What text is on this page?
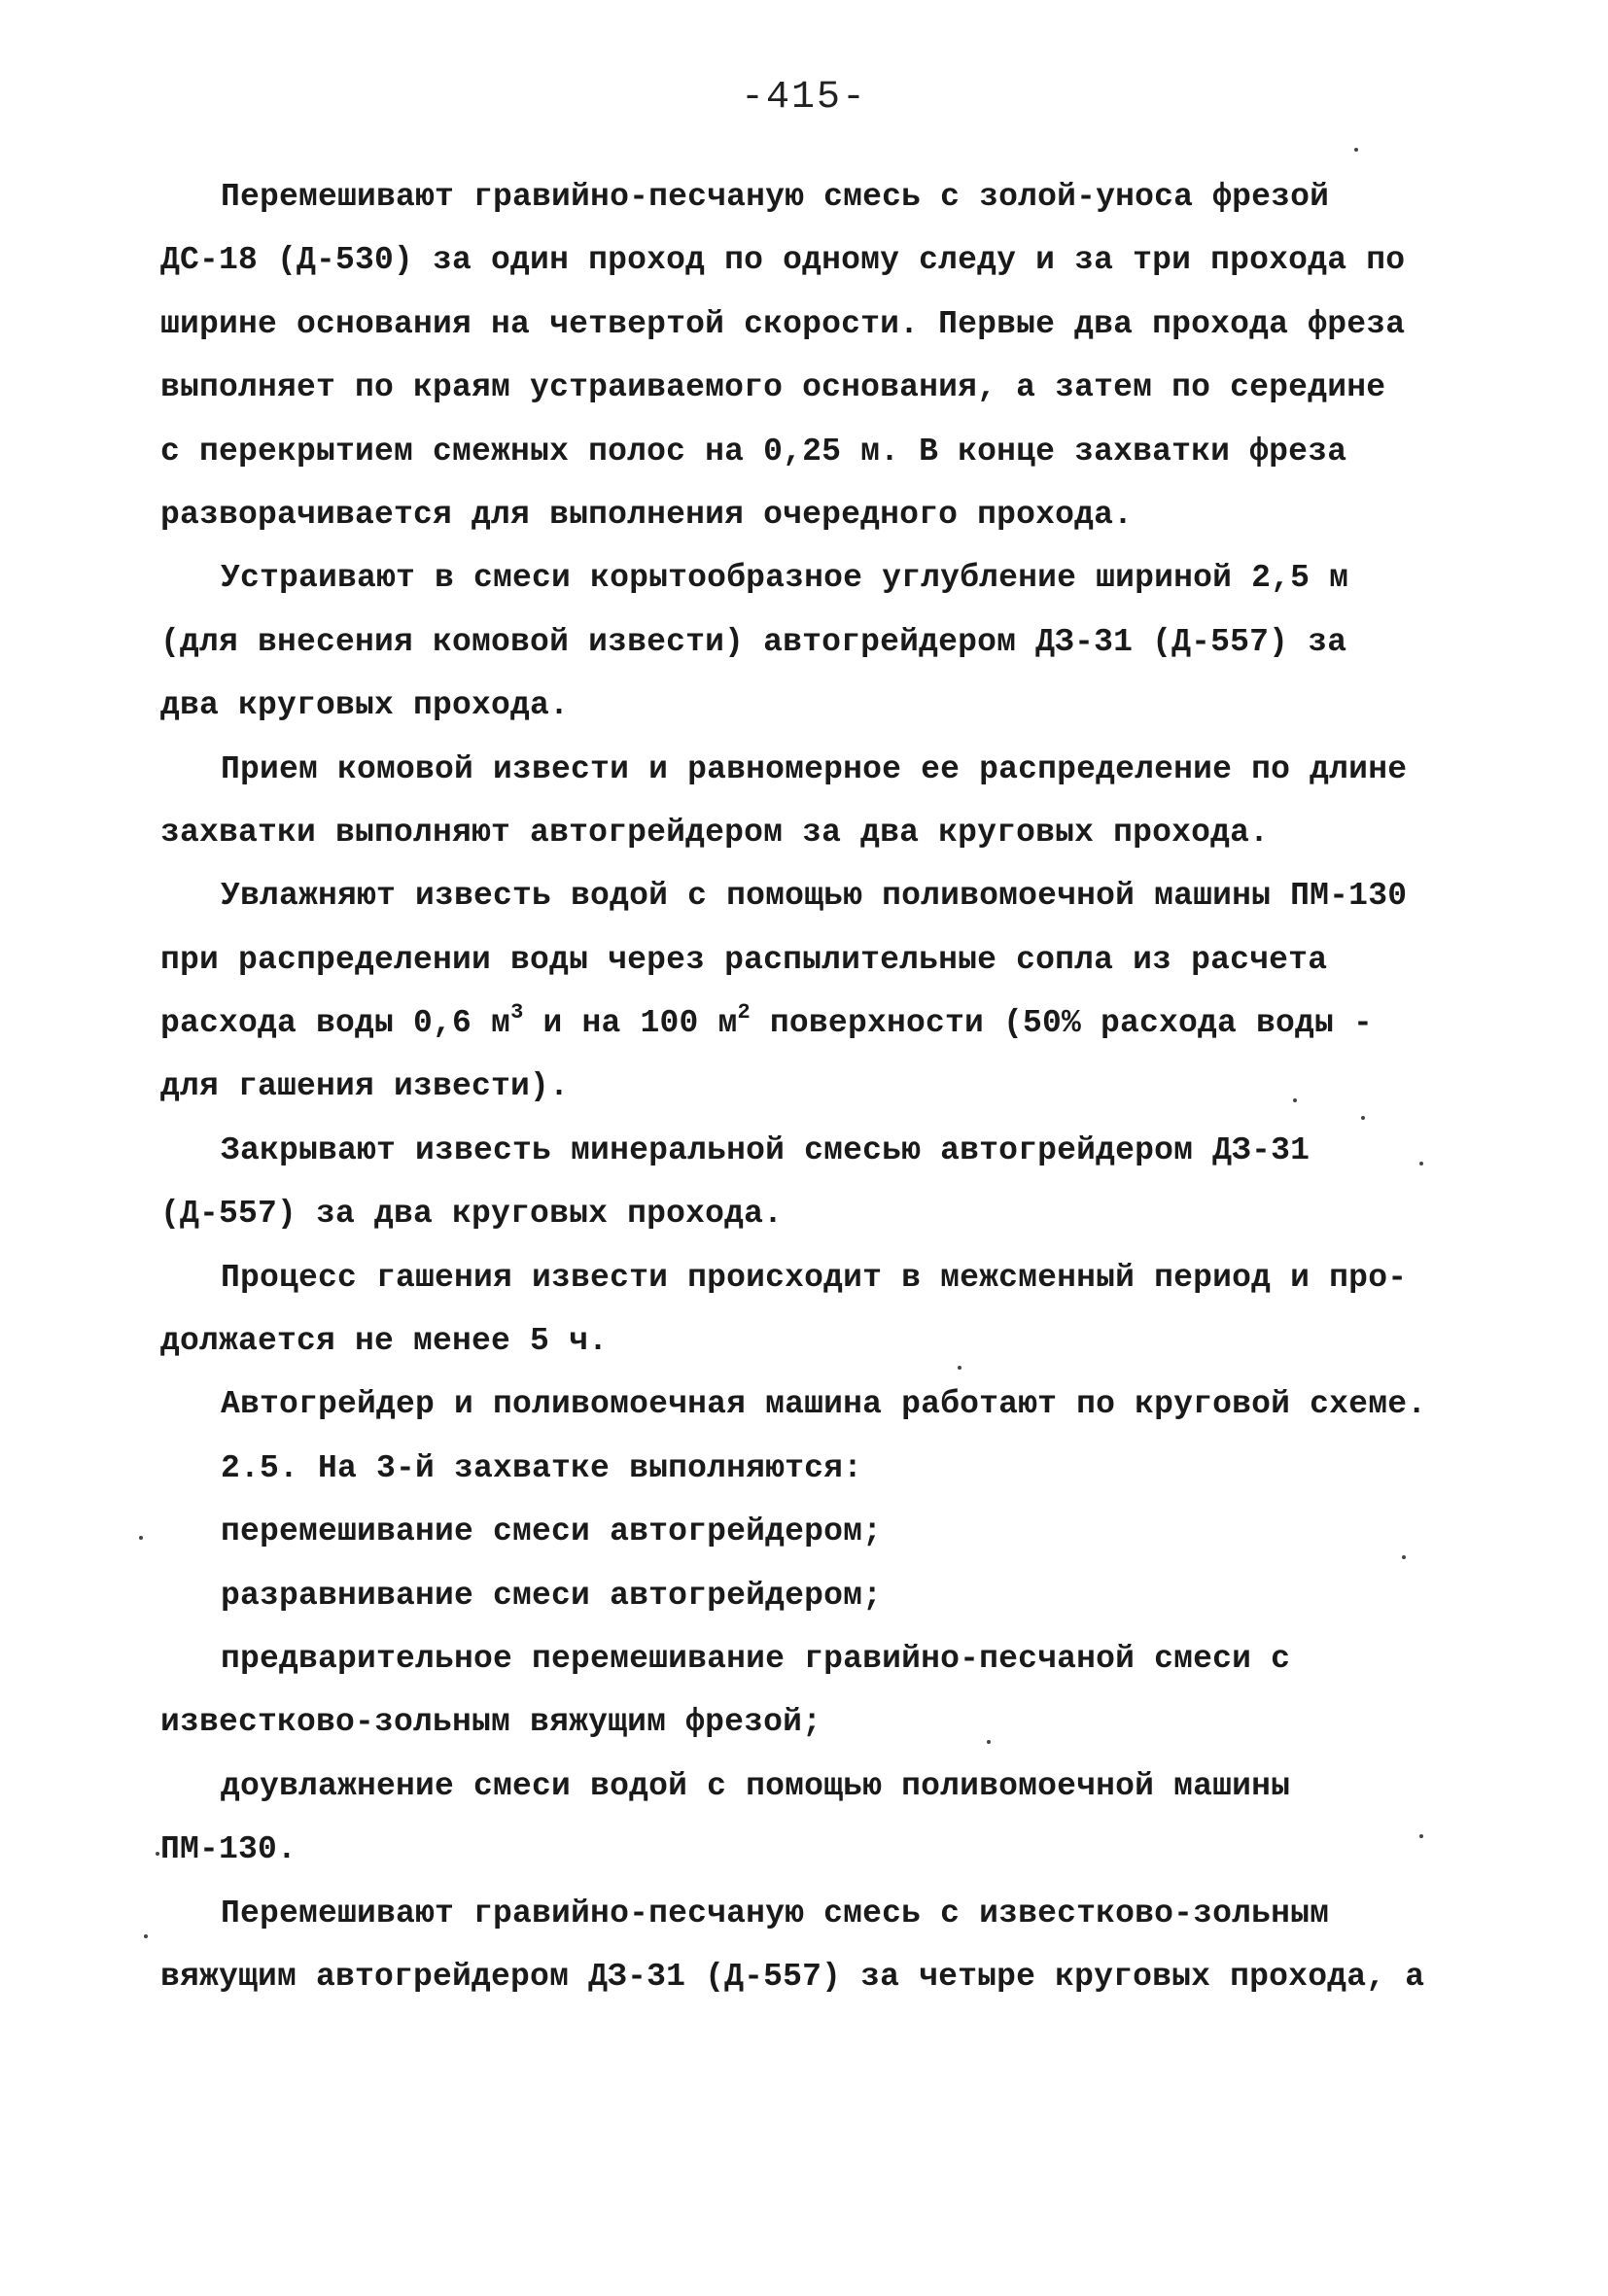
-415-
Перемешивают гравийно-песчаную смесь с золой-уноса фрезой
ДС-18 (Д-530) за один проход по одному следу и за три прохода по
ширине основания на четвертой скорости. Первые два прохода фреза
выполняет по краям устраиваемого основания, а затем по середине
с перекрытием смежных полос на 0,25 м. В конце захватки фреза
разворачивается для выполнения очередного прохода.
Устраивают в смеси корытообразное углубление шириной 2,5 м
(для внесения комовой извести) автогрейдером ДЗ-31 (Д-557) за
два круговых прохода.
Прием комовой извести и равномерное ее распределение по длине
захватки выполняют автогрейдером за два круговых прохода.
Увлажняют известь водой с помощью поливомоечной машины ПМ-130
при распределении воды через распылительные сопла из расчета
расхода воды 0,6 $м^3$ и на 100 $м^2$ поверхности (50% расхода воды -
для гашения извести).
Закрывают известь минеральной смесью автогрейдером ДЗ-31
(Д-557) за два круговых прохода.
Процесс гашения извести происходит в межсменный период и про-
должается не менее 5 ч.
Автогрейдер и поливомоечная машина работают по круговой схеме.
2.5. На 3-й захватке выполняются:
перемешивание смеси автогрейдером;
разравнивание смеси автогрейдером;
предварительное перемешивание гравийно-песчаной смеси с
известково-зольным вяжущим фрезой;
доувлажнение смеси водой с помощью поливомоечной машины
ПМ-130.
Перемешивают гравийно-песчаную смесь с известково-зольным
вяжущим автогрейдером ДЗ-31 (Д-557) за четыре круговых прохода, а
